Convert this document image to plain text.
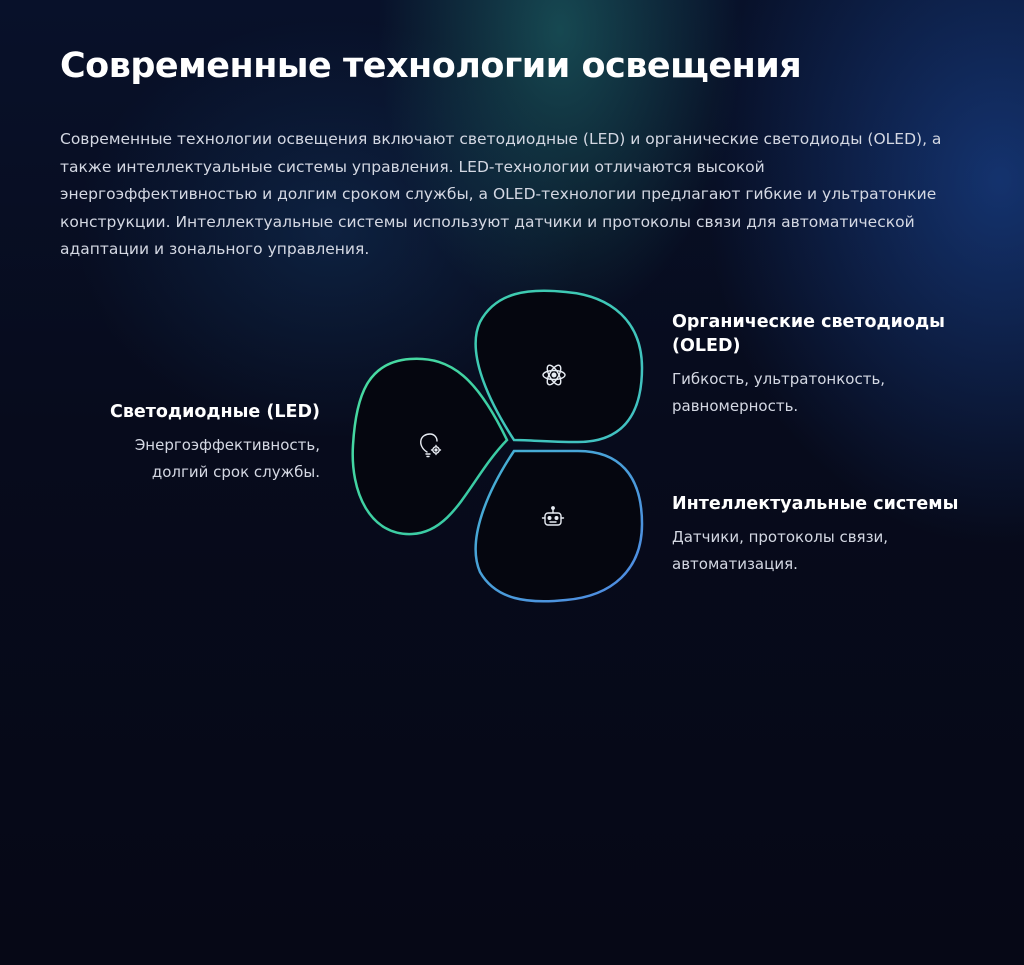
Современные технологии освещения

Современные технологии освещения включают светодиодные (LED) и органические светодиоды (OLED), а также интеллектуальные системы управления. LED-технологии отличаются высокой энергоэффективностью и долгим сроком службы, а OLED-технологии предлагают гибкие и ультратонкие конструкции. Интеллектуальные системы используют датчики и протоколы связи для автоматической адаптации и зонального управления.

Светодиодные (LED)

Энергоэффективность, долгий срок службы.

Органические светодиоды (OLED)

Гибкость, ультратонкость, равномерность.

Интеллектуальные системы

Датчики, протоколы связи, автоматизация.
